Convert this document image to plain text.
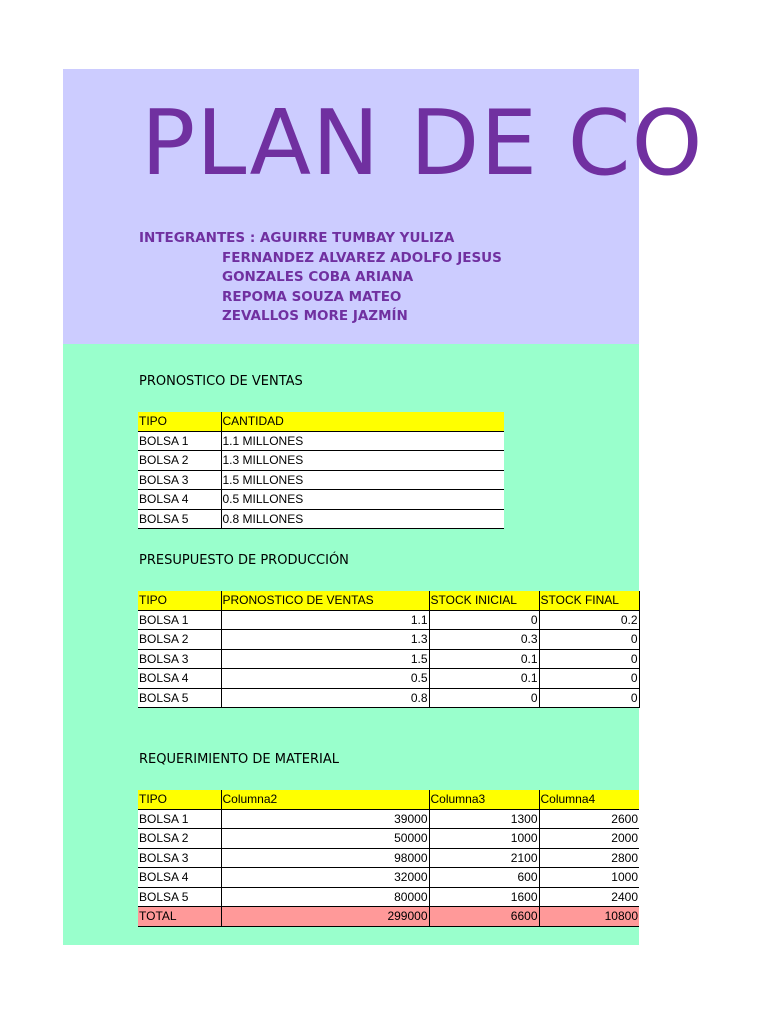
PLAN DE CO
INTEGRANTES : AGUIRRE TUMBAY YULIZA
FERNANDEZ ALVAREZ ADOLFO JESUS
GONZALES COBA ARIANA
REPOMA SOUZA MATEO
ZEVALLOS MORE JAZMÍN
PRONOSTICO DE VENTAS
TIPO	CANTIDAD
BOLSA 1	1.1 MILLONES
BOLSA 2	1.3 MILLONES
BOLSA 3	1.5 MILLONES
BOLSA 4	0.5 MILLONES
BOLSA 5	0.8 MILLONES
PRESUPUESTO DE PRODUCCIÓN
TIPO	PRONOSTICO DE VENTAS	STOCK INICIAL	STOCK FINAL
BOLSA 1	1.1	0	0.2
BOLSA 2	1.3	0.3	0
BOLSA 3	1.5	0.1	0
BOLSA 4	0.5	0.1	0
BOLSA 5	0.8	0	0
REQUERIMIENTO DE MATERIAL
TIPO	Columna2	Columna3	Columna4
BOLSA 1	39000	1300	2600
BOLSA 2	50000	1000	2000
BOLSA 3	98000	2100	2800
BOLSA 4	32000	600	1000
BOLSA 5	80000	1600	2400
TOTAL	299000	6600	10800
